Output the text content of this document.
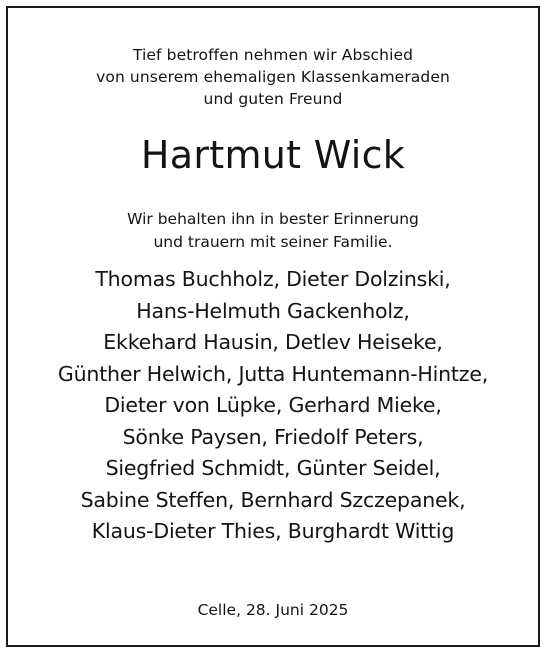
Tief betroffen nehmen wir Abschied
von unserem ehemaligen Klassenkameraden
und guten Freund
Hartmut Wick
Wir behalten ihn in bester Erinnerung
und trauern mit seiner Familie.
Thomas Buchholz, Dieter Dolzinski,
Hans-Helmuth Gackenholz,
Ekkehard Hausin, Detlev Heiseke,
Günther Helwich, Jutta Huntemann-Hintze,
Dieter von Lüpke, Gerhard Mieke,
Sönke Paysen, Friedolf Peters,
Siegfried Schmidt, Günter Seidel,
Sabine Steffen, Bernhard Szczepanek,
Klaus-Dieter Thies, Burghardt Wittig
Celle, 28. Juni 2025
